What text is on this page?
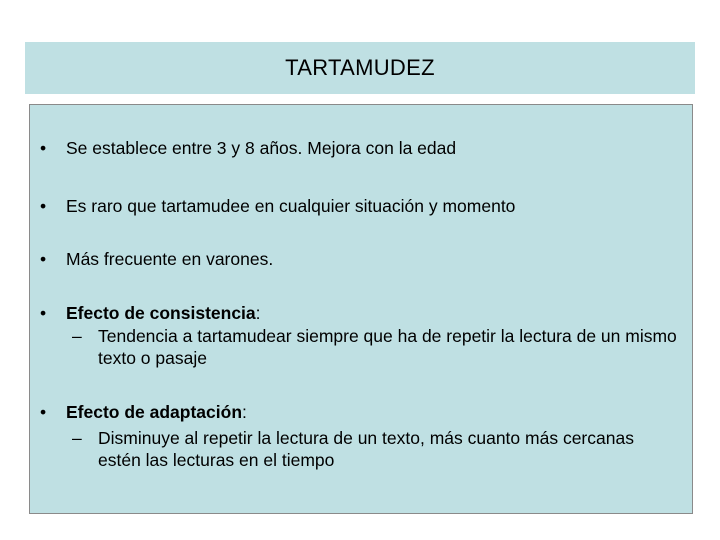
TARTAMUDEZ
• Se establece entre 3 y 8 años. Mejora con la edad
• Es raro que tartamudee en cualquier situación y momento
• Más frecuente en varones.
• Efecto de consistencia:
– Tendencia a tartamudear siempre que ha de repetir la lectura de un mismo texto o pasaje
• Efecto de adaptación:
– Disminuye al repetir la lectura de un texto, más cuanto más cercanas estén las lecturas en el tiempo
